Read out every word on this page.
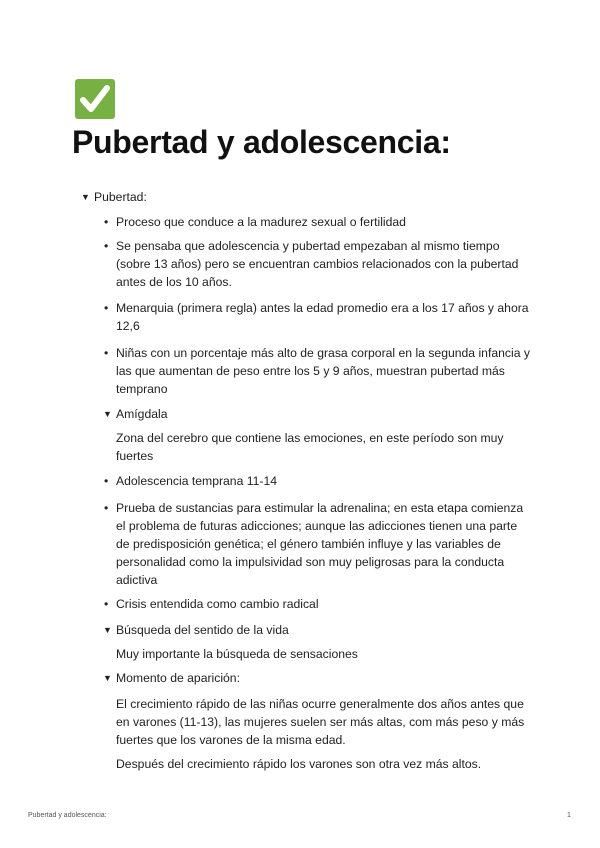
Pubertad y adolescencia:
▼ Pubertad:
• Proceso que conduce a la madurez sexual o fertilidad
• Se pensaba que adolescencia y pubertad empezaban al mismo tiempo (sobre 13 años) pero se encuentran cambios relacionados con la pubertad antes de los 10 años.
• Menarquia (primera regla) antes la edad promedio era a los 17 años y ahora 12,6
• Niñas con un porcentaje más alto de grasa corporal en la segunda infancia y las que aumentan de peso entre los 5 y 9 años, muestran pubertad más temprano
▼ Amígdala
Zona del cerebro que contiene las emociones, en este período son muy fuertes
• Adolescencia temprana 11-14
• Prueba de sustancias para estimular la adrenalina; en esta etapa comienza el problema de futuras adicciones; aunque las adicciones tienen una parte de predisposición genética; el género también influye y las variables de personalidad como la impulsividad son muy peligrosas para la conducta adictiva
• Crisis entendida como cambio radical
▼ Búsqueda del sentido de la vida
Muy importante la búsqueda de sensaciones
▼ Momento de aparición:
El crecimiento rápido de las niñas ocurre generalmente dos años antes que en varones (11-13), las mujeres suelen ser más altas, com más peso y más fuertes que los varones de la misma edad.
Después del crecimiento rápido los varones son otra vez más altos.
Pubertad y adolescencia:	1
